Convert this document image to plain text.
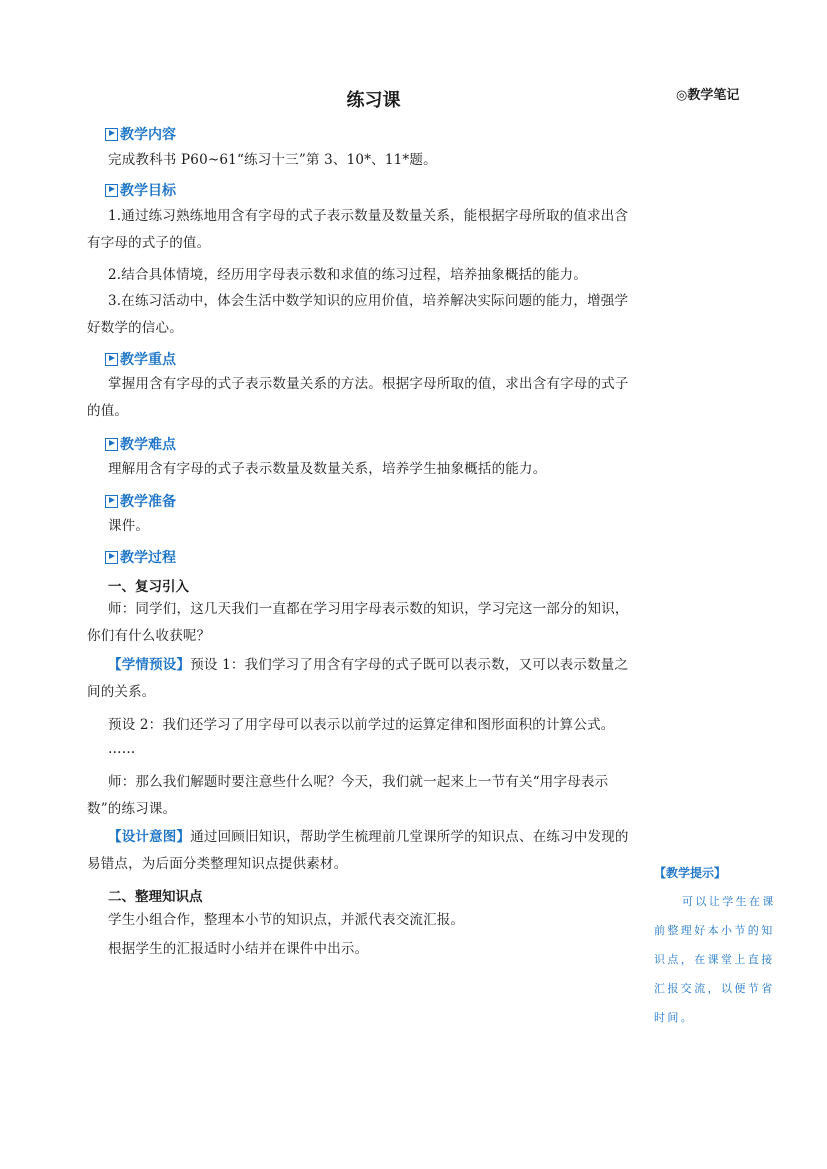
练习课	◎教学笔记
教学内容
完成教科书 P60~61“练习十三”第 3、10*、11*题。
教学目标
1.通过练习熟练地用含有字母的式子表示数量及数量关系，能根据字母所取的值求出含有字母的式子的值。
2.结合具体情境，经历用字母表示数和求值的练习过程，培养抽象概括的能力。
3.在练习活动中，体会生活中数学知识的应用价值，培养解决实际问题的能力，增强学好数学的信心。
教学重点
掌握用含有字母的式子表示数量关系的方法。根据字母所取的值，求出含有字母的式子的值。
教学难点
理解用含有字母的式子表示数量及数量关系，培养学生抽象概括的能力。
教学准备
课件。
教学过程
一、复习引入
师：同学们，这几天我们一直都在学习用字母表示数的知识，学习完这一部分的知识，你们有什么收获呢？
【学情预设】预设 1：我们学习了用含有字母的式子既可以表示数，又可以表示数量之间的关系。
预设 2：我们还学习了用字母可以表示以前学过的运算定律和图形面积的计算公式。
……
师：那么我们解题时要注意些什么呢？今天，我们就一起来上一节有关“用字母表示数”的练习课。
【设计意图】通过回顾旧知识，帮助学生梳理前几堂课所学的知识点、在练习中发现的易错点，为后面分类整理知识点提供素材。
二、整理知识点
学生小组合作，整理本小节的知识点，并派代表交流汇报。
根据学生的汇报适时小结并在课件中出示。
【教学提示】
可以让学生在课前整理好本小节的知识点，在课堂上直接汇报交流，以便节省时间。
